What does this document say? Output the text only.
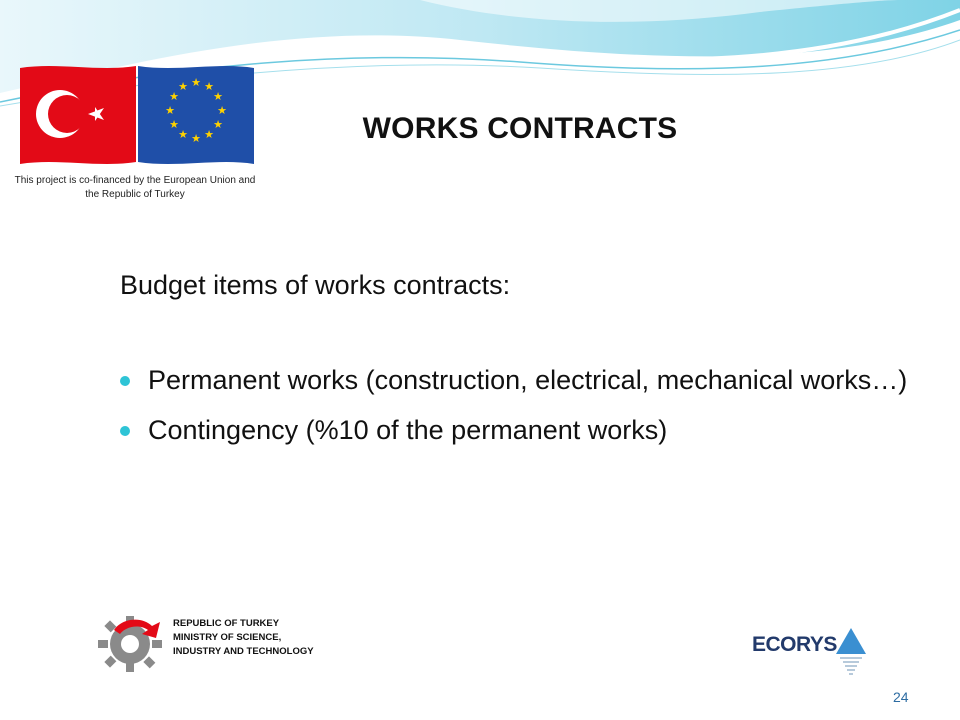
★ ★
★
★
★
★
★
★
★
★
★
★
This project is co-financed by the European Union and the Republic of Turkey
WORKS CONTRACTS
Budget items of works contracts:
Permanent works (construction, electrical, mechanical works…)
Contingency (%10 of the permanent works)
REPUBLIC OF TURKEY
MINISTRY OF SCIENCE,
INDUSTRY AND TECHNOLOGY	ECORYS
24
